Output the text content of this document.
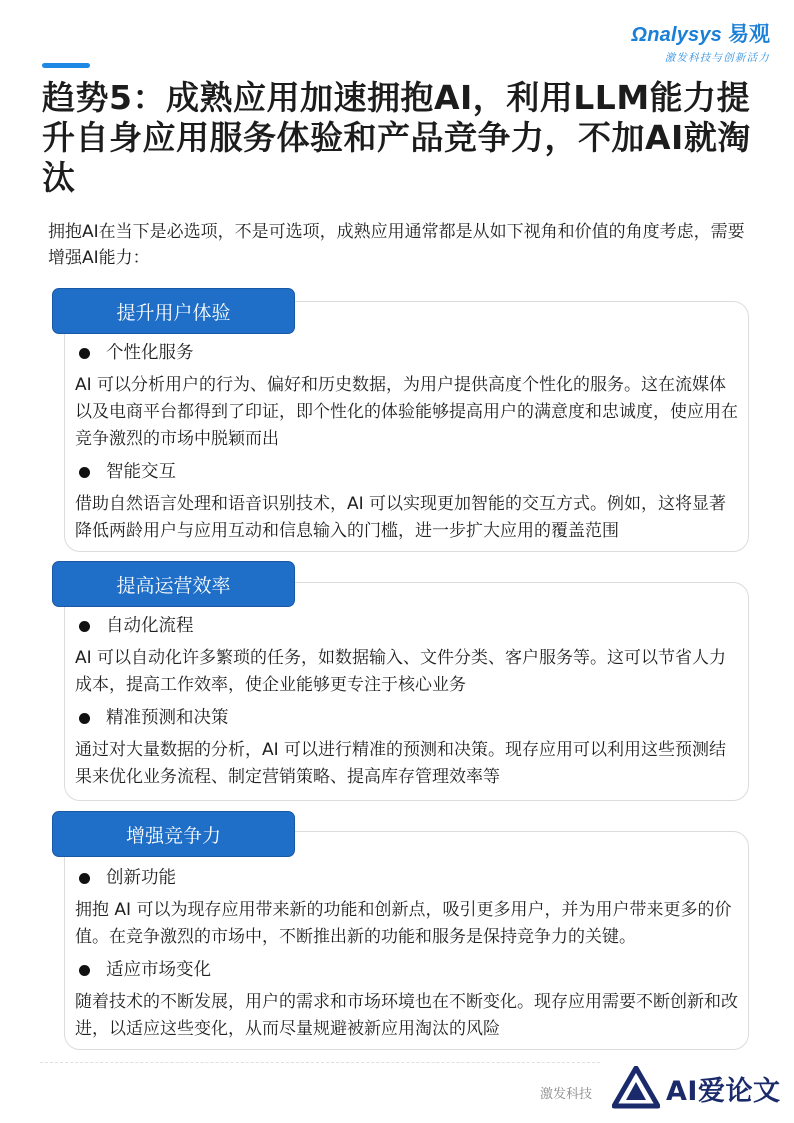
Ωnalysys 易观
激发科技与创新活力
趋势5：成熟应用加速拥抱AI，利用LLM能力提升自身应用服务体验和产品竞争力，不加AI就淘汰

拥抱AI在当下是必选项，不是可选项，成熟应用通常都是从如下视角和价值的角度考虑，需要增强AI能力：

提升用户体验
个性化服务

AI 可以分析用户的行为、偏好和历史数据，为用户提供高度个性化的服务。这在流媒体以及电商平台都得到了印证，即个性化的体验能够提高用户的满意度和忠诚度，使应用在竞争激烈的市场中脱颖而出

智能交互

借助自然语言处理和语音识别技术，AI 可以实现更加智能的交互方式。例如，这将显著降低两龄用户与应用互动和信息输入的门槛，进一步扩大应用的覆盖范围

提高运营效率
自动化流程

AI 可以自动化许多繁琐的任务，如数据输入、文件分类、客户服务等。这可以节省人力成本，提高工作效率，使企业能够更专注于核心业务

精准预测和决策

通过对大量数据的分析，AI 可以进行精准的预测和决策。现存应用可以利用这些预测结果来优化业务流程、制定营销策略、提高库存管理效率等

增强竞争力
创新功能

拥抱 AI 可以为现存应用带来新的功能和创新点，吸引更多用户，并为用户带来更多的价值。在竞争激烈的市场中，不断推出新的功能和服务是保持竞争力的关键。

适应市场变化

随着技术的不断发展，用户的需求和市场环境也在不断变化。现存应用需要不断创新和改进，以适应这些变化，从而尽量规避被新应用淘汰的风险

激发科技	AI爱论文
